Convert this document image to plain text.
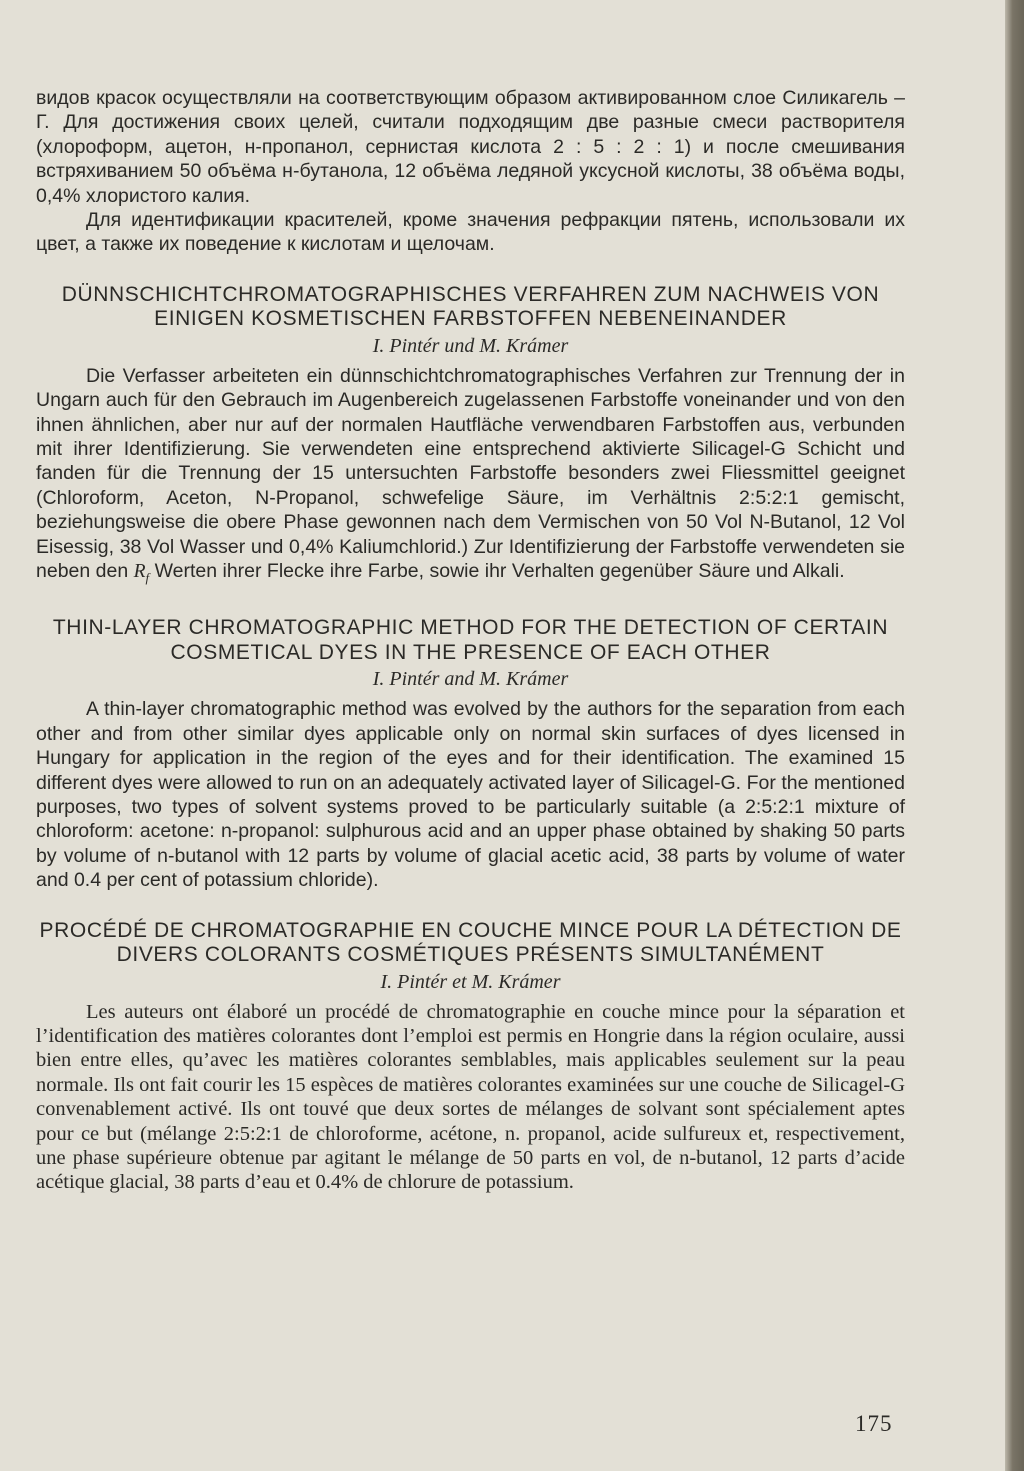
видов красок осуществляли на соответствующим образом активированном слое Силикагель – Г. Для достижения своих целей, считали подходящим две разные смеси растворителя (хлороформ, ацетон, н-пропанол, сернистая кислота 2 : 5 : 2 : 1) и после смешивания встряхиванием 50 объёма н-бутанола, 12 объёма ледяной уксусной кислоты, 38 объёма воды, 0,4% хлористого калия.

Для идентификации красителей, кроме значения рефракции пятень, использовали их цвет, а также их поведение к кислотам и щелочам.

DÜNNSCHICHTCHROMATOGRAPHISCHES VERFAHREN ZUM NACHWEIS VON EINIGEN KOSMETISCHEN FARBSTOFFEN NEBENEINANDER
I. Pintér und M. Krámer

Die Verfasser arbeiteten ein dünnschichtchromatographisches Verfahren zur Trennung der in Ungarn auch für den Gebrauch im Augenbereich zugelassenen Farbstoffe voneinander und von den ihnen ähnlichen, aber nur auf der normalen Hautfläche verwendbaren Farbstoffen aus, verbunden mit ihrer Identifizierung. Sie verwendeten eine entsprechend aktivierte Silicagel-G Schicht und fanden für die Trennung der 15 untersuchten Farbstoffe besonders zwei Fliessmittel geeignet (Chloroform, Aceton, N-Propanol, schwefelige Säure, im Verhältnis 2:5:2:1 gemischt, beziehungsweise die obere Phase gewonnen nach dem Vermischen von 50 Vol N-Butanol, 12 Vol Eisessig, 38 Vol Wasser und 0,4% Kaliumchlorid.) Zur Identifizierung der Farbstoffe verwendeten sie neben den $R_f$ Werten ihrer Flecke ihre Farbe, sowie ihr Verhalten gegenüber Säure und Alkali.

THIN-LAYER CHROMATOGRAPHIC METHOD FOR THE DETECTION OF CERTAIN COSMETICAL DYES IN THE PRESENCE OF EACH OTHER
I. Pintér and M. Krámer

A thin-layer chromatographic method was evolved by the authors for the separation from each other and from other similar dyes applicable only on normal skin surfaces of dyes licensed in Hungary for application in the region of the eyes and for their identification. The examined 15 different dyes were allowed to run on an adequately activated layer of Silicagel-G. For the mentioned purposes, two types of solvent systems proved to be particularly suitable (a 2:5:2:1 mixture of chloroform: acetone: n-propanol: sulphurous acid and an upper phase obtained by shaking 50 parts by volume of n-butanol with 12 parts by volume of glacial acetic acid, 38 parts by volume of water and 0.4 per cent of potassium chloride).

PROCÉDÉ DE CHROMATOGRAPHIE EN COUCHE MINCE POUR LA DÉTECTION DE DIVERS COLORANTS COSMÉTIQUES PRÉSENTS SIMULTANÉMENT
I. Pintér et M. Krámer

Les auteurs ont élaboré un procédé de chromatographie en couche mince pour la séparation et l’identification des matières colorantes dont l’emploi est permis en Hongrie dans la région oculaire, aussi bien entre elles, qu’avec les matières colorantes semblables, mais applicables seulement sur la peau normale. Ils ont fait courir les 15 espèces de matières colorantes examinées sur une couche de Silicagel-G convenablement activé. Ils ont touvé que deux sortes de mélanges de solvant sont spécialement aptes pour ce but (mélange 2:5:2:1 de chloroforme, acétone, n. propanol, acide sulfureux et, respectivement, une phase supérieure obtenue par agitant le mélange de 50 parts en vol, de n-butanol, 12 parts d’acide acétique glacial, 38 parts d’eau et 0.4% de chlorure de potassium.

175
